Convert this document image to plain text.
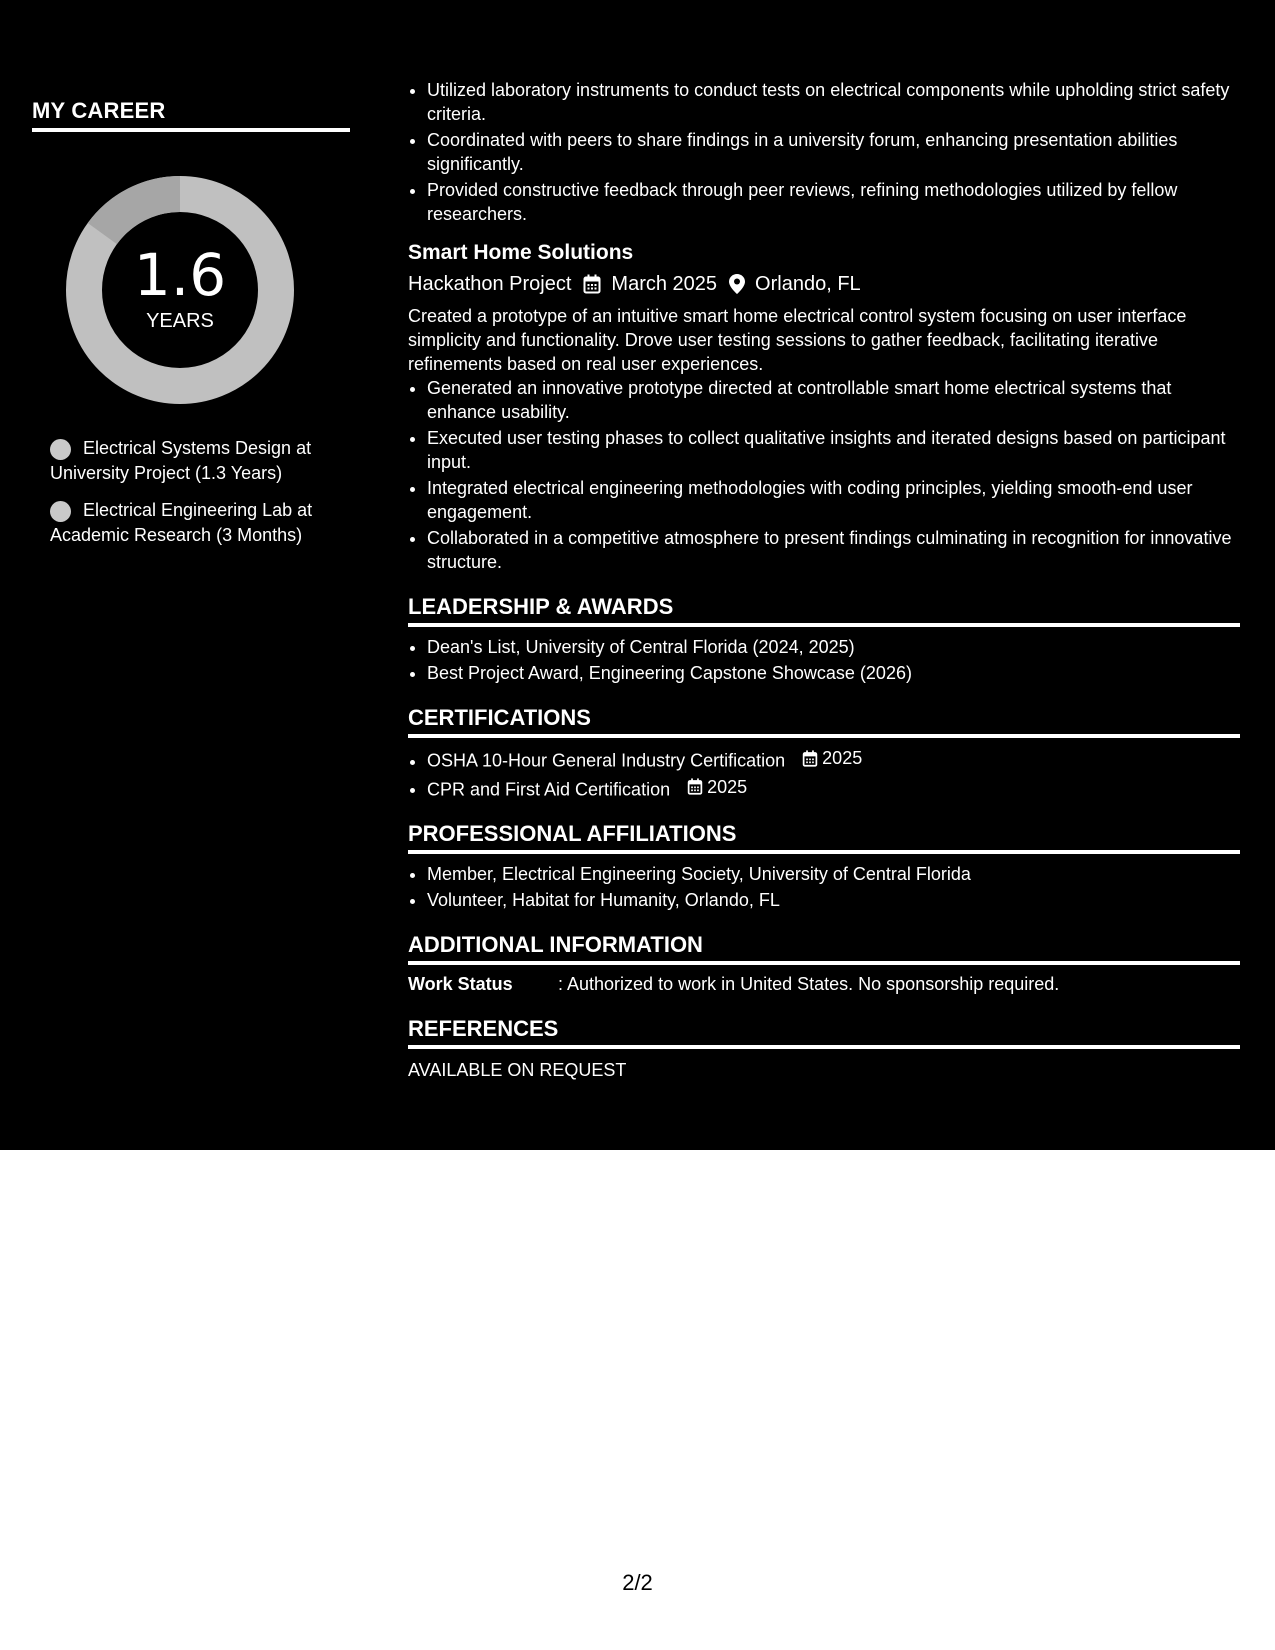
MY CAREER
1.6
YEARS
Electrical Systems Design at University Project (1.3 Years)
Electrical Engineering Lab at Academic Research (3 Months)
• Utilized laboratory instruments to conduct tests on electrical components while upholding strict safety criteria.
• Coordinated with peers to share findings in a university forum, enhancing presentation abilities significantly.
• Provided constructive feedback through peer reviews, refining methodologies utilized by fellow researchers.
Smart Home Solutions
Hackathon Project March 2025 Orlando, FL
Created a prototype of an intuitive smart home electrical control system focusing on user interface simplicity and functionality. Drove user testing sessions to gather feedback, facilitating iterative refinements based on real user experiences.
• Generated an innovative prototype directed at controllable smart home electrical systems that enhance usability.
• Executed user testing phases to collect qualitative insights and iterated designs based on participant input.
• Integrated electrical engineering methodologies with coding principles, yielding smooth-end user engagement.
• Collaborated in a competitive atmosphere to present findings culminating in recognition for innovative structure.
LEADERSHIP & AWARDS
• Dean's List, University of Central Florida (2024, 2025)
• Best Project Award, Engineering Capstone Showcase (2026)
CERTIFICATIONS
• OSHA 10-Hour General Industry Certification 2025
• CPR and First Aid Certification 2025
PROFESSIONAL AFFILIATIONS
• Member, Electrical Engineering Society, University of Central Florida
• Volunteer, Habitat for Humanity, Orlando, FL
ADDITIONAL INFORMATION
Work Status	: Authorized to work in United States. No sponsorship required.
REFERENCES
AVAILABLE ON REQUEST
2/2
